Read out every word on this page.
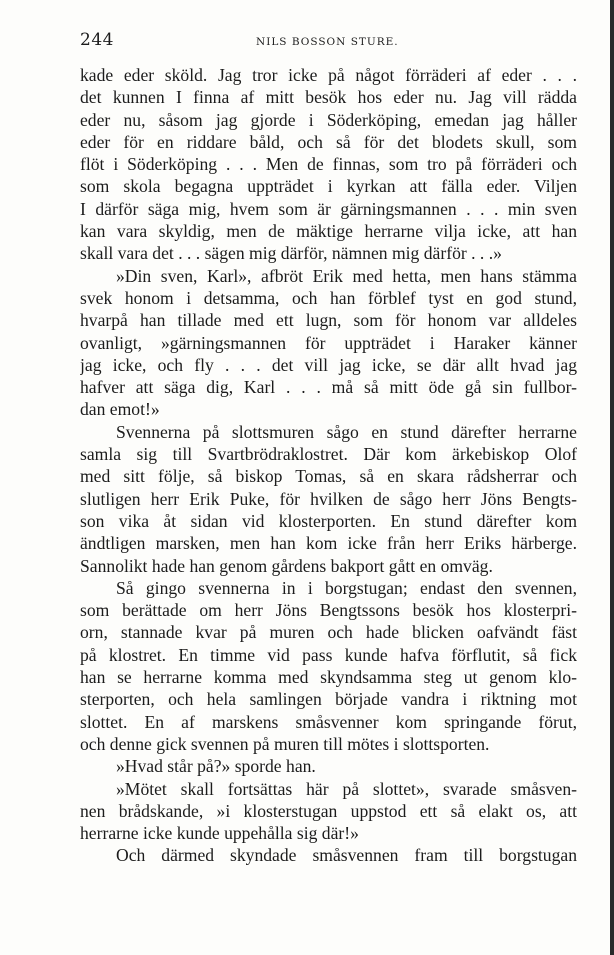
244	NILS BOSSON STURE.
kade eder sköld. Jag tror icke på något förräderi af eder . . .
det kunnen I finna af mitt besök hos eder nu. Jag vill rädda
eder nu, såsom jag gjorde i Söderköping, emedan jag håller
eder för en riddare båld, och så för det blodets skull, som
flöt i Söderköping . . . Men de finnas, som tro på förräderi och
som skola begagna uppträdet i kyrkan att fälla eder. Viljen
I därför säga mig, hvem som är gärningsmannen . . . min sven
kan vara skyldig, men de mäktige herrarne vilja icke, att han
skall vara det . . . sägen mig därför, nämnen mig därför . . .»
»Din sven, Karl», afbröt Erik med hetta, men hans stämma
svek honom i detsamma, och han förblef tyst en god stund,
hvarpå han tillade med ett lugn, som för honom var alldeles
ovanligt, »gärningsmannen för uppträdet i Haraker känner
jag icke, och fly . . . det vill jag icke, se där allt hvad jag
hafver att säga dig, Karl . . . må så mitt öde gå sin fullbor-
dan emot!»
Svennerna på slottsmuren sågo en stund därefter herrarne
samla sig till Svartbrödraklostret. Där kom ärkebiskop Olof
med sitt följe, så biskop Tomas, så en skara rådsherrar och
slutligen herr Erik Puke, för hvilken de sågo herr Jöns Bengts-
son vika åt sidan vid klosterporten. En stund därefter kom
ändtligen marsken, men han kom icke från herr Eriks härberge.
Sannolikt hade han genom gårdens bakport gått en omväg.
Så gingo svennerna in i borgstugan; endast den svennen,
som berättade om herr Jöns Bengtssons besök hos klosterpri-
orn, stannade kvar på muren och hade blicken oafvändt fäst
på klostret. En timme vid pass kunde hafva förflutit, så fick
han se herrarne komma med skyndsamma steg ut genom klo-
sterporten, och hela samlingen började vandra i riktning mot
slottet. En af marskens småsvenner kom springande förut,
och denne gick svennen på muren till mötes i slottsporten.
»Hvad står på?» sporde han.
»Mötet skall fortsättas här på slottet», svarade småsven-
nen brådskande, »i klosterstugan uppstod ett så elakt os, att
herrarne icke kunde uppehålla sig där!»
Och därmed skyndade småsvennen fram till borgstugan
